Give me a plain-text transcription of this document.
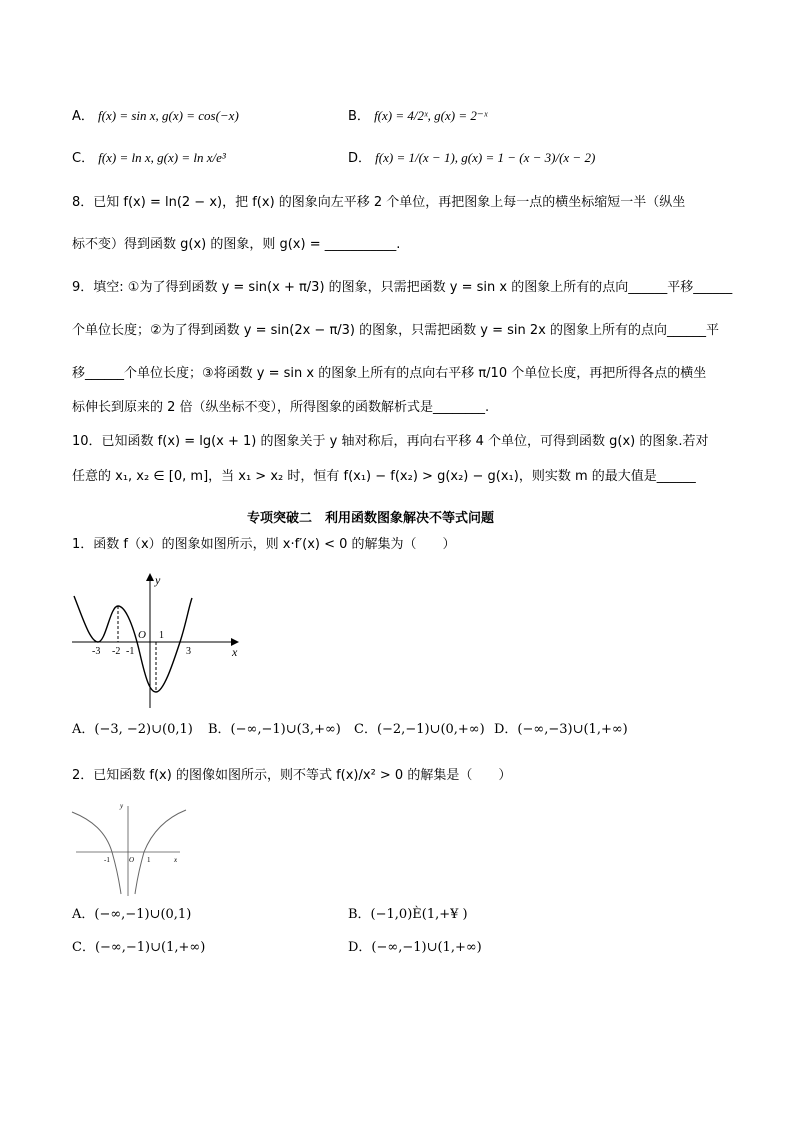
A． f(x) = sin x, g(x) = cos(−x)	B． f(x) = 4/2ˣ, g(x) = 2⁻ˣ
C． f(x) = ln x, g(x) = ln x/e³	D． f(x) = 1/(x − 1), g(x) = 1 − (x − 3)/(x − 2)
8．已知 f(x) = ln(2 − x)，把 f(x) 的图象向左平移 2 个单位，再把图象上每一点的横坐标缩短一半（纵坐
标不变）得到函数 g(x) 的图象，则 g(x) = ___________.
9．填空: ①为了得到函数 y = sin(x + π/3) 的图象，只需把函数 y = sin x 的图象上所有的点向______平移______
个单位长度；②为了得到函数 y = sin(2x − π/3) 的图象，只需把函数 y = sin 2x 的图象上所有的点向______平
移______个单位长度；③将函数 y = sin x 的图象上所有的点向右平移 π/10 个单位长度，再把所得各点的横坐
标伸长到原来的 2 倍（纵坐标不变），所得图象的函数解析式是________.
10．已知函数 f(x) = lg(x + 1) 的图象关于 y 轴对称后，再向右平移 4 个单位，可得到函数 g(x) 的图象.若对
任意的 x₁, x₂ ∈ [0, m]，当 x₁ > x₂ 时，恒有 f(x₁) − f(x₂) > g(x₂) − g(x₁)，则实数 m 的最大值是______
专项突破二　利用函数图象解决不等式问题
1．函数 f（x）的图象如图所示，则 x·f′(x) < 0 的解集为（　　）
y
x
O
-3 -2 -1
1
3
A．(−3, −2)∪(0,1) B．(−∞,−1)∪(3,+∞) C．(−2,−1)∪(0,+∞) D．(−∞,−3)∪(1,+∞)
2．已知函数 f(x) 的图像如图所示，则不等式 f(x)/x² > 0 的解集是（　　）
y
x
O
-1	1
A．(−∞,−1)∪(0,1)	B．(−1,0)È(1,+¥ )
C．(−∞,−1)∪(1,+∞)	D．(−∞,−1)∪(1,+∞)
